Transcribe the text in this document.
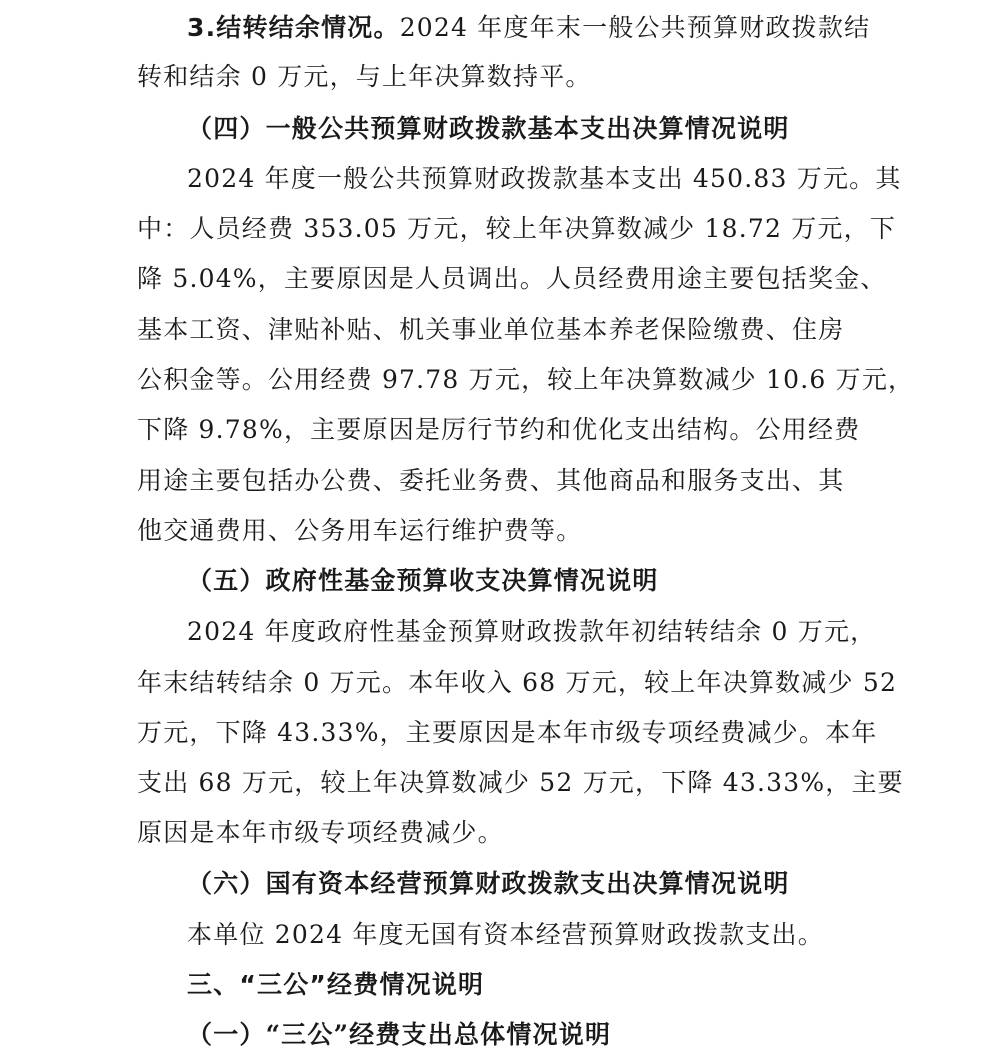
3.结转结余情况。2024 年度年末一般公共预算财政拨款结
转和结余 0 万元，与上年决算数持平。
（四）一般公共预算财政拨款基本支出决算情况说明
2024 年度一般公共预算财政拨款基本支出 450.83 万元。其
中：人员经费 353.05 万元，较上年决算数减少 18.72 万元，下
降 5.04%，主要原因是人员调出。人员经费用途主要包括奖金、
基本工资、津贴补贴、机关事业单位基本养老保险缴费、住房
公积金等。公用经费 97.78 万元，较上年决算数减少 10.6 万元，
下降 9.78%，主要原因是厉行节约和优化支出结构。公用经费
用途主要包括办公费、委托业务费、其他商品和服务支出、其
他交通费用、公务用车运行维护费等。
（五）政府性基金预算收支决算情况说明
2024 年度政府性基金预算财政拨款年初结转结余 0 万元，
年末结转结余 0 万元。本年收入 68 万元，较上年决算数减少 52
万元，下降 43.33%，主要原因是本年市级专项经费减少。本年
支出 68 万元，较上年决算数减少 52 万元，下降 43.33%，主要
原因是本年市级专项经费减少。
（六）国有资本经营预算财政拨款支出决算情况说明
本单位 2024 年度无国有资本经营预算财政拨款支出。
三、“三公”经费情况说明
（一）“三公”经费支出总体情况说明
